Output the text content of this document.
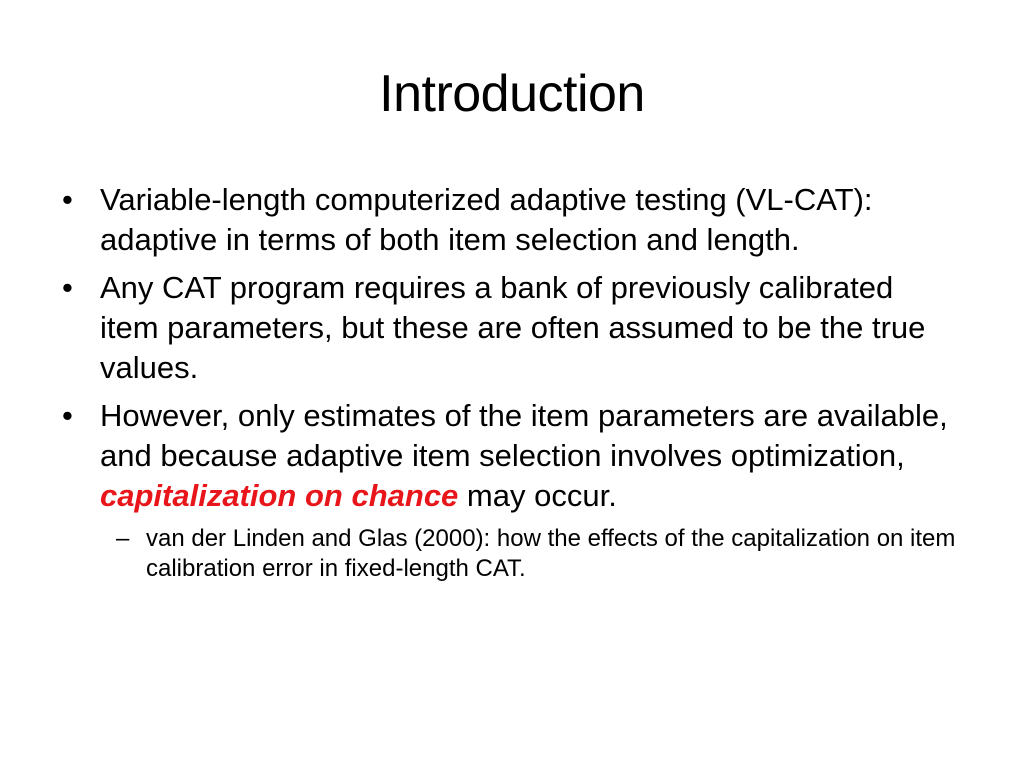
Introduction
• Variable-length computerized adaptive testing (VL-CAT): adaptive in terms of both item selection and length.
• Any CAT program requires a bank of previously calibrated item parameters, but these are often assumed to be the true values.
• However, only estimates of the item parameters are available, and because adaptive item selection involves optimization, capitalization on chance may occur.
– van der Linden and Glas (2000): how the effects of the capitalization on item calibration error in fixed-length CAT.
